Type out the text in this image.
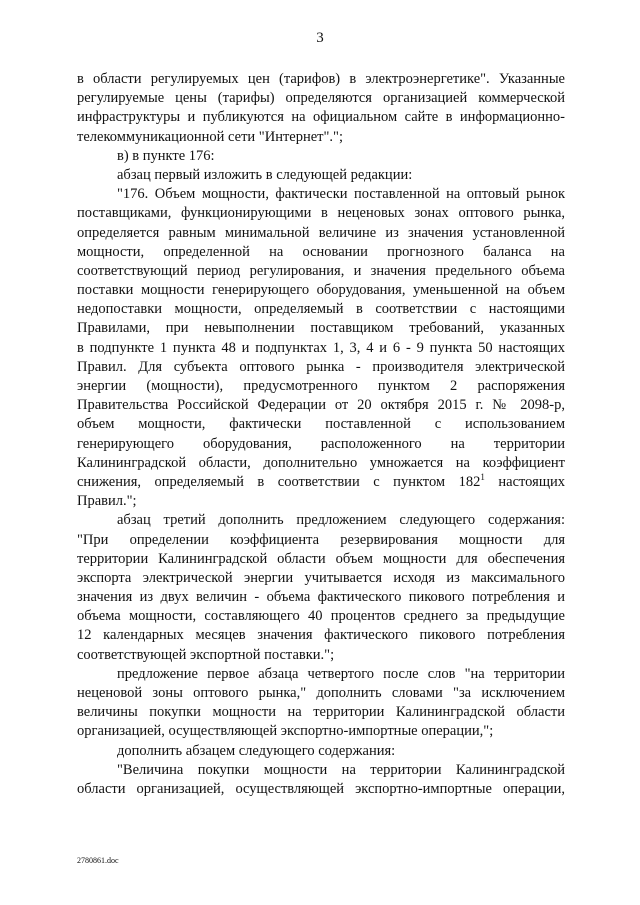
3
в области регулируемых цен (тарифов) в электроэнергетике". Указанные
регулируемые цены (тарифы) определяются организацией коммерческой
инфраструктуры и публикуются на официальном сайте в информационно-
телекоммуникационной сети "Интернет".";
в) в пункте 176:
абзац первый изложить в следующей редакции:
"176. Объем мощности, фактически поставленной на оптовый рынок
поставщиками, функционирующими в неценовых зонах оптового рынка,
определяется равным минимальной величине из значения установленной
мощности, определенной на основании прогнозного баланса на
соответствующий период регулирования, и значения предельного объема
поставки мощности генерирующего оборудования, уменьшенной на объем
недопоставки мощности, определяемый в соответствии с настоящими
Правилами, при невыполнении поставщиком требований, указанных
в подпункте 1 пункта 48 и подпунктах 1, 3, 4 и 6 - 9 пункта 50 настоящих
Правил. Для субъекта оптового рынка - производителя электрической
энергии (мощности), предусмотренного пунктом 2 распоряжения
Правительства Российской Федерации от 20 октября 2015 г. № 2098-р,
объем мощности, фактически поставленной с использованием
генерирующего оборудования, расположенного на территории
Калининградской области, дополнительно умножается на коэффициент
снижения, определяемый в соответствии с пунктом $182^1$ настоящих
Правил.";
абзац третий дополнить предложением следующего содержания:
"При определении коэффициента резервирования мощности для
территории Калининградской области объем мощности для обеспечения
экспорта электрической энергии учитывается исходя из максимального
значения из двух величин - объема фактического пикового потребления и
объема мощности, составляющего 40 процентов среднего за предыдущие
12 календарных месяцев значения фактического пикового потребления
соответствующей экспортной поставки.";
предложение первое абзаца четвертого после слов "на территории
неценовой зоны оптового рынка," дополнить словами "за исключением
величины покупки мощности на территории Калининградской области
организацией, осуществляющей экспортно-импортные операции,";
дополнить абзацем следующего содержания:
"Величина покупки мощности на территории Калининградской
области организацией, осуществляющей экспортно-импортные операции,
2780861.doc
